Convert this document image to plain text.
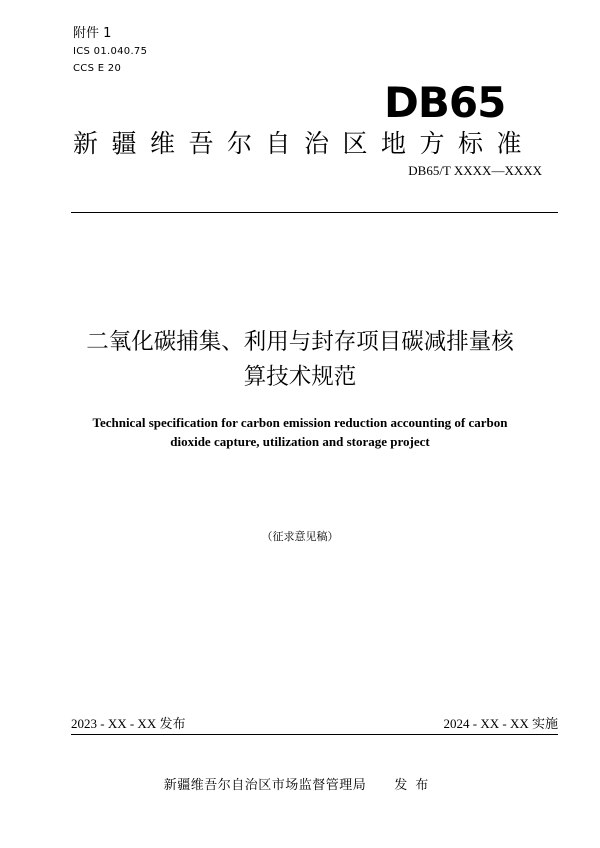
附件 1
ICS 01.040.75
CCS E 20
DB65
新疆维吾尔自治区地方标准
DB65/T XXXX—XXXX
二氧化碳捕集、利用与封存项目碳减排量核
算技术规范
Technical specification for carbon emission reduction accounting of carbon
dioxide capture, utilization and storage project
（征求意见稿）
2023 - XX - XX 发布	2024 - XX - XX 实施
新疆维吾尔自治区市场监督管理局 发布
